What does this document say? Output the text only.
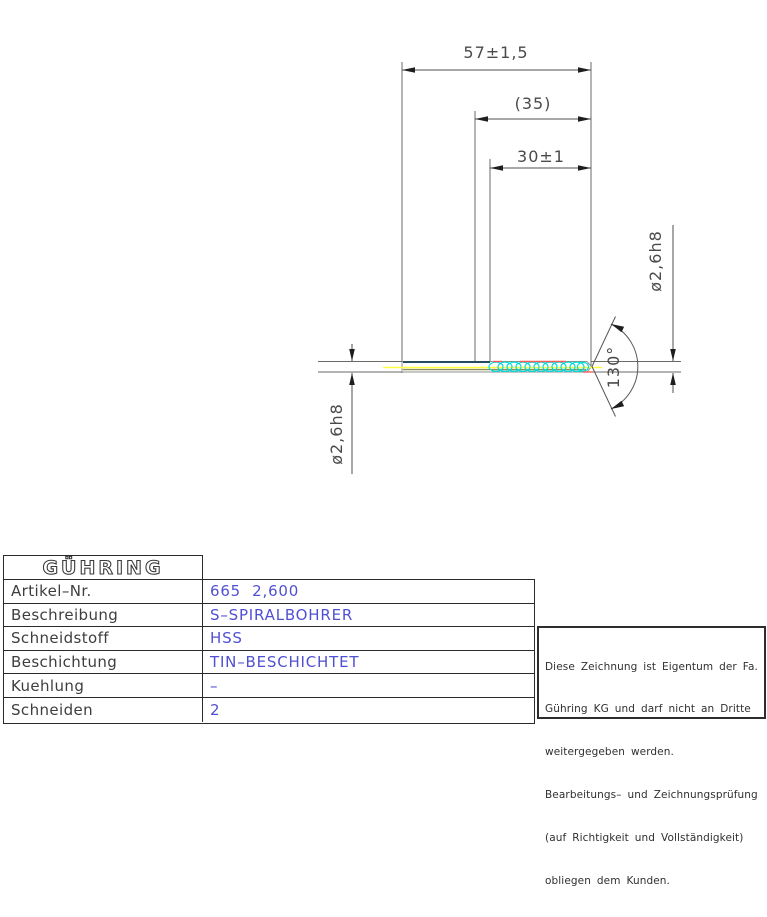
57±1,5
(35)
30±1
ø2,6h8
130°
ø2,6h8
GÜHRING
Artikel–Nr.	665  2,600
Beschreibung	S–SPIRALBOHRER
Schneidstoff	HSS
Beschichtung	TIN–BESCHICHTET
Kuehlung	–
Schneiden	2

Diese Zeichnung ist Eigentum der Fa.

Gühring KG und darf nicht an Dritte

weitergegeben werden.

Bearbeitungs– und Zeichnungsprüfung

(auf Richtigkeit und Vollständigkeit)

obliegen dem Kunden.
